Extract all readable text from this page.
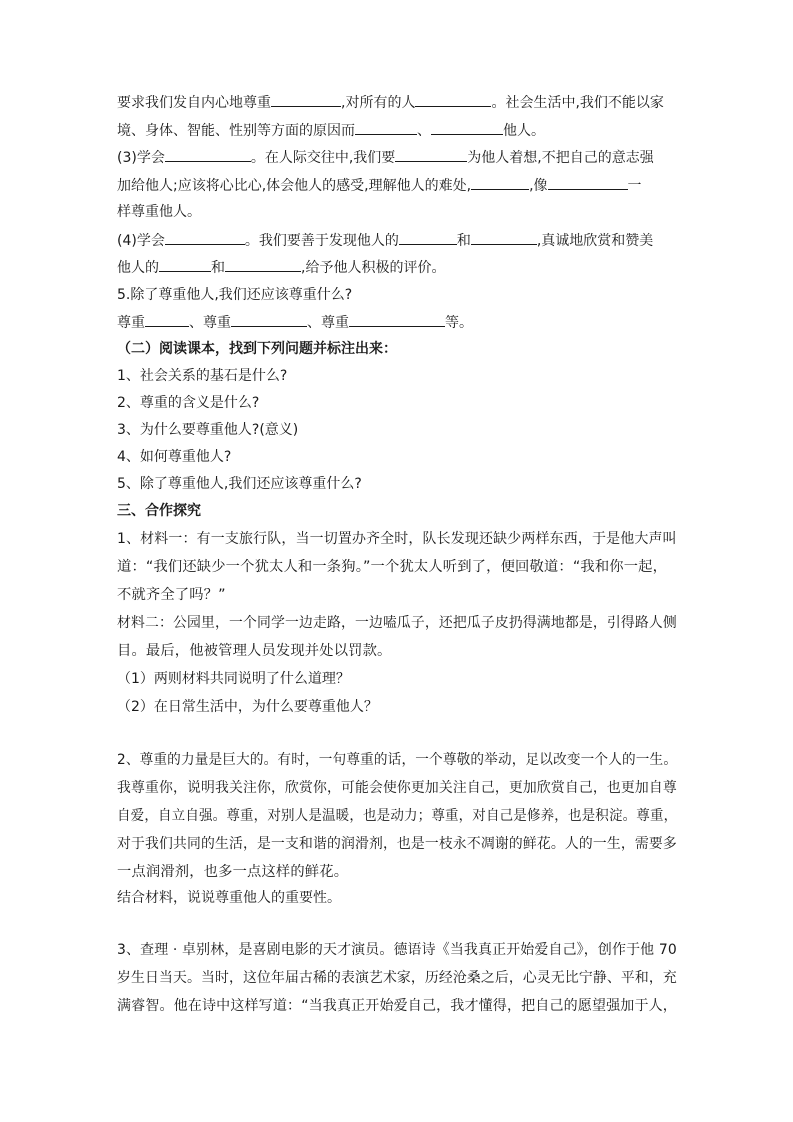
要求我们发自内心地尊重	,对所有的人	。社会生活中,我们不能以家
境、身体、智能、性别等方面的原因而	、	他人。
(3)学会	。在人际交往中,我们要	为他人着想,不把自己的意志强
加给他人;应该将心比心,体会他人的感受,理解他人的难处,	,像	一
样尊重他人。
(4)学会	。我们要善于发现他人的	和	,真诚地欣赏和赞美
他人的	和	,给予他人积极的评价。
5.除了尊重他人,我们还应该尊重什么?
尊重	、尊重	、尊重	等。
（二）阅读课本，找到下列问题并标注出来：
1、社会关系的基石是什么?
2、尊重的含义是什么?
3、为什么要尊重他人?(意义)
4、如何尊重他人?
5、除了尊重他人,我们还应该尊重什么?
三、合作探究
1、材料一：有一支旅行队，当一切置办齐全时，队长发现还缺少两样东西，于是他大声叫
道：“我们还缺少一个犹太人和一条狗。”一个犹太人听到了，便回敬道：“我和你一起，
不就齐全了吗？”
材料二：公园里，一个同学一边走路，一边嗑瓜子，还把瓜子皮扔得满地都是，引得路人侧
目。最后，他被管理人员发现并处以罚款。
（1）两则材料共同说明了什么道理？
（2）在日常生活中，为什么要尊重他人？
2、尊重的力量是巨大的。有时，一句尊重的话，一个尊敬的举动，足以改变一个人的一生。
我尊重你，说明我关注你，欣赏你，可能会使你更加关注自己，更加欣赏自己，也更加自尊
自爱，自立自强。尊重，对别人是温暖，也是动力；尊重，对自己是修养，也是积淀。尊重，
对于我们共同的生活，是一支和谐的润滑剂，也是一枝永不凋谢的鲜花。人的一生，需要多
一点润滑剂，也多一点这样的鲜花。
结合材料，说说尊重他人的重要性。
3、查理 · 卓别林，是喜剧电影的天才演员。德语诗《当我真正开始爱自己》，创作于他 70
岁生日当天。当时，这位年届古稀的表演艺术家，历经沧桑之后，心灵无比宁静、平和，充
满睿智。他在诗中这样写道：“当我真正开始爱自己，我才懂得，把自己的愿望强加于人，
